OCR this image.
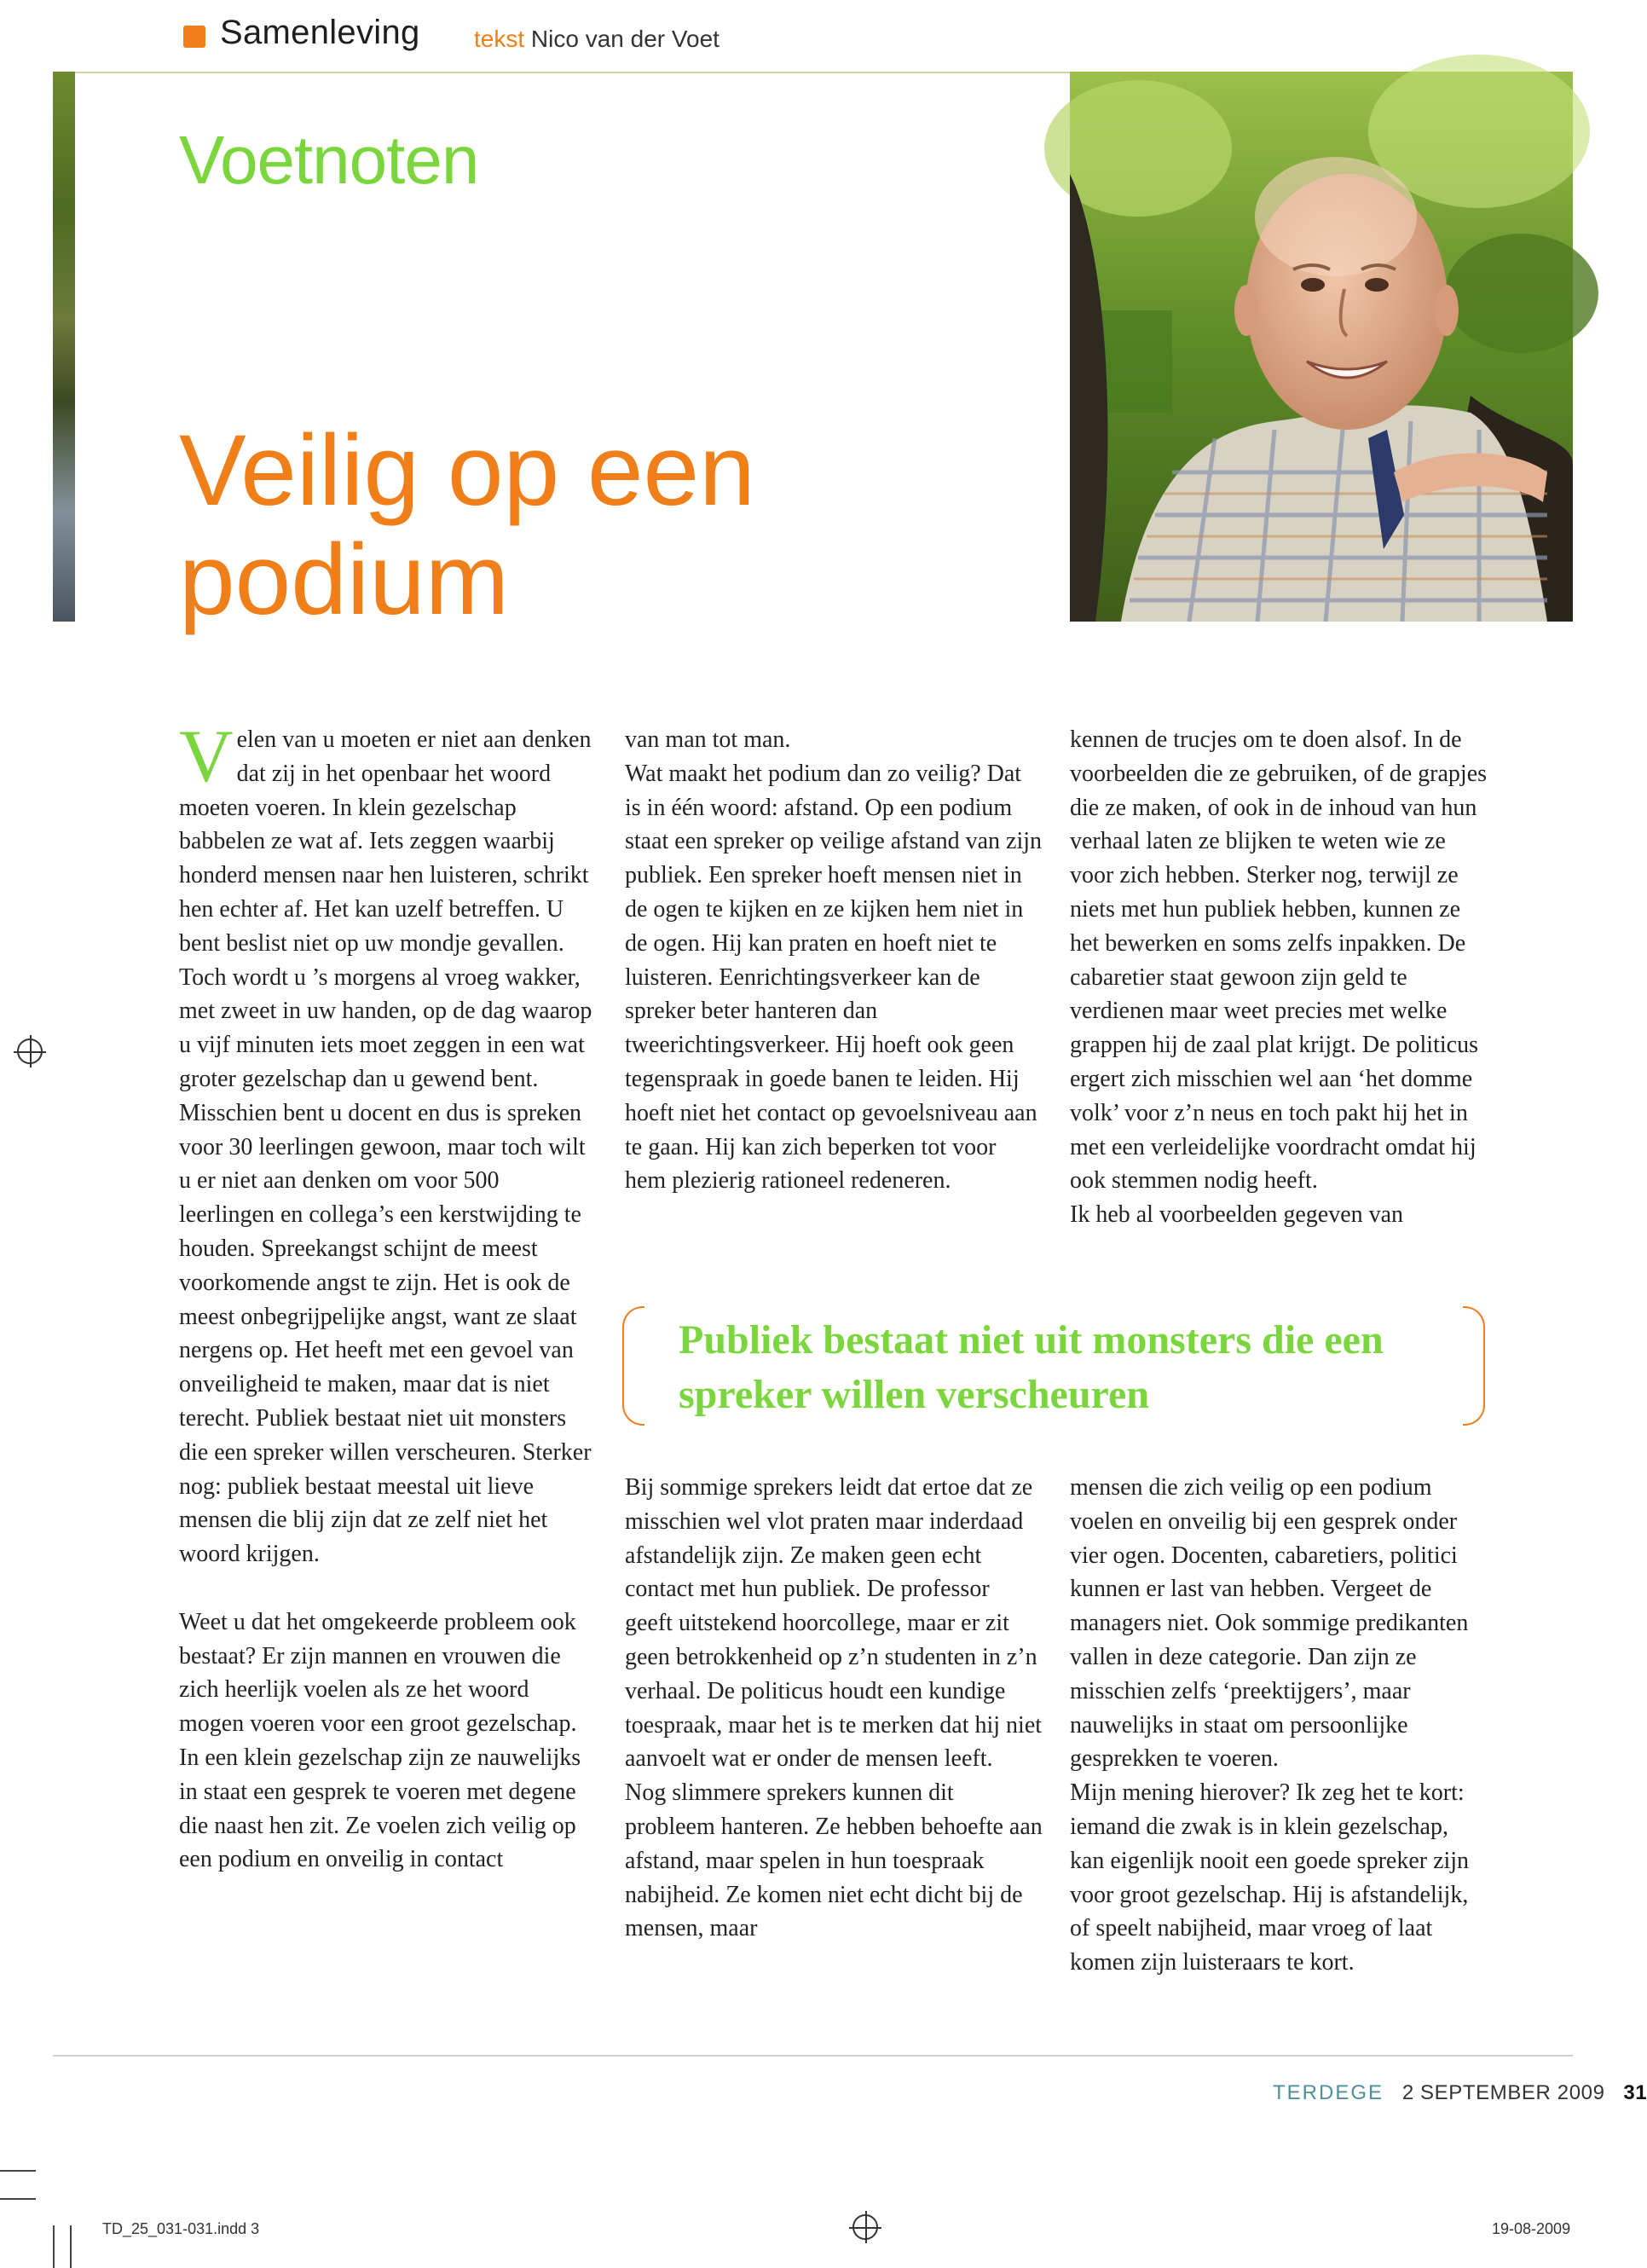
Samenleving tekst Nico van der Voet
Voetnoten
Veilig op een podium

Velen van u moeten er niet aan denken dat zij in het openbaar het woord moeten voeren. In klein gezelschap babbelen ze wat af. Iets zeggen waarbij honderd mensen naar hen luisteren, schrikt hen echter af. Het kan uzelf betreffen. U bent beslist niet op uw mondje gevallen. Toch wordt u ’s morgens al vroeg wakker, met zweet in uw handen, op de dag waarop u vijf minuten iets moet zeggen in een wat groter gezelschap dan u gewend bent. Misschien bent u docent en dus is spreken voor 30 leerlingen gewoon, maar toch wilt u er niet aan denken om voor 500 leerlingen en collega’s een kerstwijding te houden. Spreekangst schijnt de meest voorkomende angst te zijn. Het is ook de meest onbegrijpelijke angst, want ze slaat nergens op. Het heeft met een gevoel van onveiligheid te maken, maar dat is niet terecht. Publiek bestaat niet uit monsters die een spreker willen verscheuren. Sterker nog: publiek bestaat meestal uit lieve mensen die blij zijn dat ze zelf niet het woord krijgen.

Weet u dat het omgekeerde probleem ook bestaat? Er zijn mannen en vrouwen die zich heerlijk voelen als ze het woord mogen voeren voor een groot gezelschap. In een klein gezelschap zijn ze nauwelijks in staat een gesprek te voeren met degene die naast hen zit. Ze voelen zich veilig op een podium en onveilig in contact

van man tot man.

Wat maakt het podium dan zo veilig? Dat is in één woord: afstand. Op een podium staat een spreker op veilige afstand van zijn publiek. Een spreker hoeft mensen niet in de ogen te kijken en ze kijken hem niet in de ogen. Hij kan praten en hoeft niet te luisteren. Eenrichtingsverkeer kan de spreker beter hanteren dan tweerichtingsverkeer. Hij hoeft ook geen tegenspraak in goede banen te leiden. Hij hoeft niet het contact op gevoelsniveau aan te gaan. Hij kan zich beperken tot voor hem plezierig rationeel redeneren.

kennen de trucjes om te doen alsof. In de voorbeelden die ze gebruiken, of de grapjes die ze maken, of ook in de inhoud van hun verhaal laten ze blijken te weten wie ze voor zich hebben. Sterker nog, terwijl ze niets met hun publiek hebben, kunnen ze het bewerken en soms zelfs inpakken. De cabaretier staat gewoon zijn geld te verdienen maar weet precies met welke grappen hij de zaal plat krijgt. De politicus ergert zich misschien wel aan ‘het domme volk’ voor z’n neus en toch pakt hij het in met een verleidelijke voordracht omdat hij ook stemmen nodig heeft.

Ik heb al voorbeelden gegeven van

Publiek bestaat niet uit monsters die een spreker willen verscheuren

Bij sommige sprekers leidt dat ertoe dat ze misschien wel vlot praten maar inderdaad afstandelijk zijn. Ze maken geen echt contact met hun publiek. De professor geeft uitstekend hoorcollege, maar er zit geen betrokkenheid op z’n studenten in z’n verhaal. De politicus houdt een kundige toespraak, maar het is te merken dat hij niet aanvoelt wat er onder de mensen leeft.

Nog slimmere sprekers kunnen dit probleem hanteren. Ze hebben behoefte aan afstand, maar spelen in hun toespraak nabijheid. Ze komen niet echt dicht bij de mensen, maar

mensen die zich veilig op een podium voelen en onveilig bij een gesprek onder vier ogen. Docenten, cabaretiers, politici kunnen er last van hebben. Vergeet de managers niet. Ook sommige predikanten vallen in deze categorie. Dan zijn ze misschien zelfs ‘preektijgers’, maar nauwelijks in staat om persoonlijke gesprekken te voeren.

Mijn mening hierover? Ik zeg het te kort: iemand die zwak is in klein gezelschap, kan eigenlijk nooit een goede spreker zijn voor groot gezelschap. Hij is afstandelijk, of speelt nabijheid, maar vroeg of laat komen zijn luisteraars te kort.

TERDEGE 2 SEPTEMBER 2009 31
TD_25_031-031.indd 3	19-08-2009
